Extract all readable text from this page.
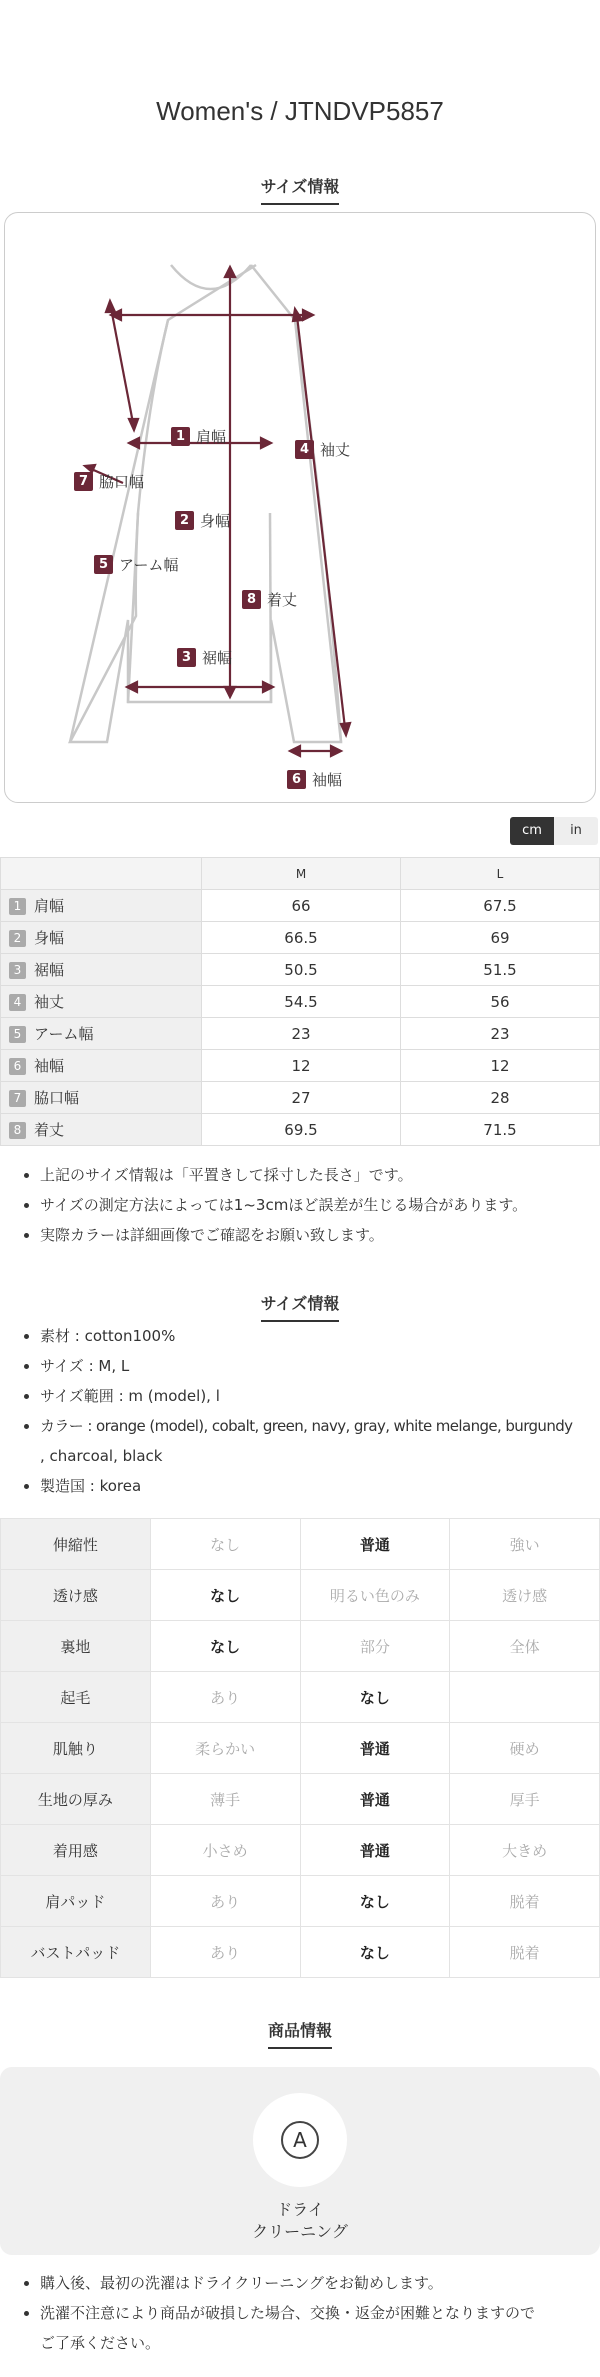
Women's / JTNDVP5857
サイズ情報
1 肩幅
4 袖丈
7 脇口幅
2 身幅
5 アーム幅
8 着丈
3 裾幅
6 袖幅
cm	in
	M	L
1 肩幅	66	67.5
2 身幅	66.5	69
3 裾幅	50.5	51.5
4 袖丈	54.5	56
5 アーム幅	23	23
6 袖幅	12	12
7 脇口幅	27	28
8 着丈	69.5	71.5
• 上記のサイズ情報は「平置きして採寸した長さ」です。
• サイズの測定方法によっては1~3cmほど誤差が生じる場合があります。
• 実際カラーは詳細画像でご確認をお願い致します。
サイズ情報
• 素材 : cotton100%
• サイズ : M, L
• サイズ範囲 : m (model), l
• カラー : orange (model), cobalt, green, navy, gray, white melange, burgundy
, charcoal, black
• 製造国 : korea
伸縮性	なし	普通	強い
透け感	なし	明るい色のみ	透け感
裏地	なし	部分	全体
起毛	あり	なし	
肌触り	柔らかい	普通	硬め
生地の厚み	薄手	普通	厚手
着用感	小さめ	普通	大きめ
肩パッド	あり	なし	脱着
バストパッド	あり	なし	脱着
商品情報
A
ドライ
クリーニング
• 購入後、最初の洗濯はドライクリーニングをお勧めします。
• 洗濯不注意により商品が破損した場合、交換・返金が困難となりますので
ご了承ください。
